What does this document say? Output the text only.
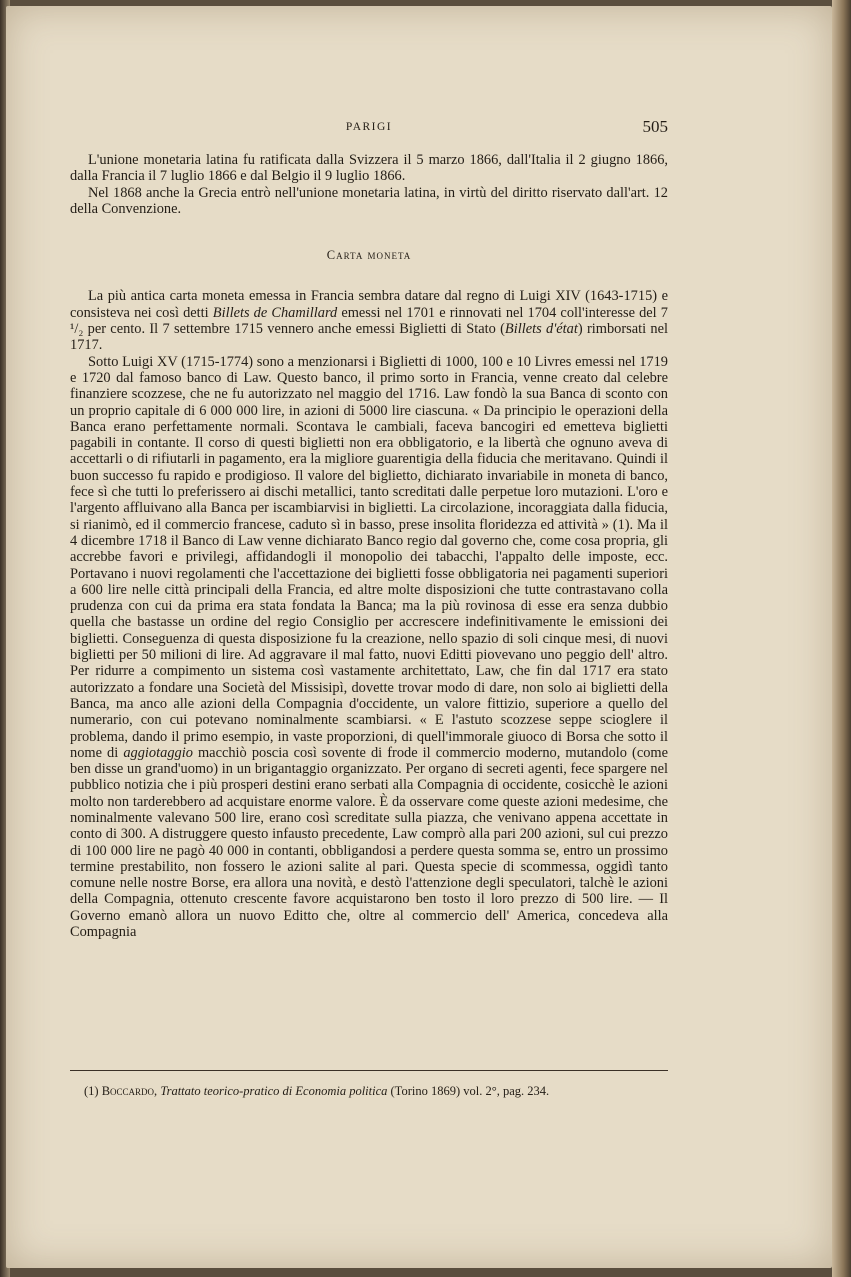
PARIGI	505

L'unione monetaria latina fu ratificata dalla Svizzera il 5 marzo 1866, dall'Italia il 2 giugno 1866, dalla Francia il 7 luglio 1866 e dal Belgio il 9 luglio 1866.

Nel 1868 anche la Grecia entrò nell'unione monetaria latina, in virtù del diritto riservato dall'art. 12 della Convenzione.

Carta moneta

La più antica carta moneta emessa in Francia sembra datare dal regno di Luigi XIV (1643-1715) e consisteva nei così detti Billets de Chamillard emessi nel 1701 e rinnovati nel 1704 coll'interesse del 7 ¹/₂ per cento. Il 7 settembre 1715 vennero anche emessi Biglietti di Stato (Billets d'état) rimborsati nel 1717.

Sotto Luigi XV (1715-1774) sono a menzionarsi i Biglietti di 1000, 100 e 10 Livres emessi nel 1719 e 1720 dal famoso banco di Law. Questo banco, il primo sorto in Francia, venne creato dal celebre finanziere scozzese, che ne fu autorizzato nel maggio del 1716. Law fondò la sua Banca di sconto con un proprio capitale di 6 000 000 lire, in azioni di 5000 lire ciascuna. « Da principio le operazioni della Banca erano perfettamente normali. Scontava le cambiali, faceva bancogiri ed emetteva biglietti pagabili in contante. Il corso di questi biglietti non era obbligatorio, e la libertà che ognuno aveva di accettarli o di rifiutarli in pagamento, era la migliore guarentigia della fiducia che meritavano. Quindi il buon successo fu rapido e prodigioso. Il valore del biglietto, dichiarato invariabile in moneta di banco, fece sì che tutti lo preferissero ai dischi metallici, tanto screditati dalle perpetue loro mutazioni. L'oro e l'argento affluivano alla Banca per iscambiarvisi in biglietti. La circolazione, incoraggiata dalla fiducia, si rianimò, ed il commercio francese, caduto sì in basso, prese insolita floridezza ed attività » (1). Ma il 4 dicembre 1718 il Banco di Law venne dichiarato Banco regio dal governo che, come cosa propria, gli accrebbe favori e privilegi, affidandogli il monopolio dei tabacchi, l'appalto delle imposte, ecc. Portavano i nuovi regolamenti che l'accettazione dei biglietti fosse obbligatoria nei pagamenti superiori a 600 lire nelle città principali della Francia, ed altre molte disposizioni che tutte contrastavano colla prudenza con cui da prima era stata fondata la Banca; ma la più rovinosa di esse era senza dubbio quella che bastasse un ordine del regio Consiglio per accrescere indefinitivamente le emissioni dei biglietti. Conseguenza di questa disposizione fu la creazione, nello spazio di soli cinque mesi, di nuovi biglietti per 50 milioni di lire. Ad aggravare il mal fatto, nuovi Editti piovevano uno peggio dell' altro. Per ridurre a compimento un sistema così vastamente architettato, Law, che fin dal 1717 era stato autorizzato a fondare una Società del Missisipì, dovette trovar modo di dare, non solo ai biglietti della Banca, ma anco alle azioni della Compagnia d'occidente, un valore fittizio, superiore a quello del numerario, con cui potevano nominalmente scambiarsi. « E l'astuto scozzese seppe scioglere il problema, dando il primo esempio, in vaste proporzioni, di quell'immorale giuoco di Borsa che sotto il nome di aggiotaggio macchiò poscia così sovente di frode il commercio moderno, mutandolo (come ben disse un grand'uomo) in un brigantaggio organizzato. Per organo di secreti agenti, fece spargere nel pubblico notizia che i più prosperi destini erano serbati alla Compagnia di occidente, cosicchè le azioni molto non tarderebbero ad acquistare enorme valore. È da osservare come queste azioni medesime, che nominalmente valevano 500 lire, erano così screditate sulla piazza, che venivano appena accettate in conto di 300. A distruggere questo infausto precedente, Law comprò alla pari 200 azioni, sul cui prezzo di 100 000 lire ne pagò 40 000 in contanti, obbligandosi a perdere questa somma se, entro un prossimo termine prestabilito, non fossero le azioni salite al pari. Questa specie di scommessa, oggidì tanto comune nelle nostre Borse, era allora una novità, e destò l'attenzione degli speculatori, talchè le azioni della Compagnia, ottenuto crescente favore acquistarono ben tosto il loro prezzo di 500 lire. — Il Governo emanò allora un nuovo Editto che, oltre al commercio dell' America, concedeva alla Compagnia

(1) Boccardo, Trattato teorico-pratico di Economia politica (Torino 1869) vol. 2°, pag. 234.
